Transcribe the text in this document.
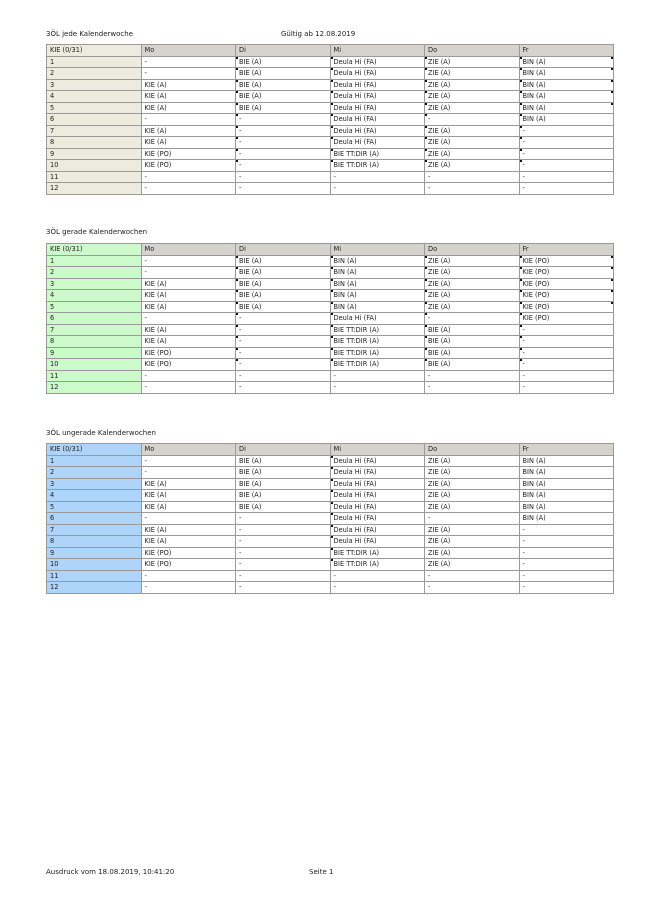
3ÖL jede Kalenderwoche	Gültig ab 12.08.2019
KIE (0/31)	Mo	Di	Mi	Do	Fr
1	-	BIE (A)	Deula Hi (FA)	ZIE (A)	BIN (A)
2	-	BIE (A)	Deula Hi (FA)	ZIE (A)	BIN (A)
3	KIE (A)	BIE (A)	Deula Hi (FA)	ZIE (A)	BIN (A)
4	KIE (A)	BIE (A)	Deula Hi (FA)	ZIE (A)	BIN (A)
5	KIE (A)	BIE (A)	Deula Hi (FA)	ZIE (A)	BIN (A)
6	-	-	Deula Hi (FA)	-	BIN (A)
7	KIE (A)	-	Deula Hi (FA)	ZIE (A)	-
8	KIE (A)	-	Deula Hi (FA)	ZIE (A)	-
9	KIE (PO)	-	BIE TT:DIR (A)	ZIE (A)	-
10	KIE (PO)	-	BIE TT:DIR (A)	ZIE (A)	-
11	-	-	-	-	-
12	-	-	-	-	-
3ÖL gerade Kalenderwochen
KIE (0/31)	Mo	Di	Mi	Do	Fr
1	-	BIE (A)	BIN (A)	ZIE (A)	KIE (PO)
2	-	BIE (A)	BIN (A)	ZIE (A)	KIE (PO)
3	KIE (A)	BIE (A)	BIN (A)	ZIE (A)	KIE (PO)
4	KIE (A)	BIE (A)	BIN (A)	ZIE (A)	KIE (PO)
5	KIE (A)	BIE (A)	BIN (A)	ZIE (A)	KIE (PO)
6	-	-	Deula Hi (FA)	-	KIE (PO)
7	KIE (A)	-	BIE TT:DIR (A)	BIE (A)	-
8	KIE (A)	-	BIE TT:DIR (A)	BIE (A)	-
9	KIE (PO)	-	BIE TT:DIR (A)	BIE (A)	-
10	KIE (PO)	-	BIE TT:DIR (A)	BIE (A)	-
11	-	-	-	-	-
12	-	-	-	-	-
3ÖL ungerade Kalenderwochen
KIE (0/31)	Mo	Di	Mi	Do	Fr
1	-	BIE (A)	Deula Hi (FA)	ZIE (A)	BIN (A)
2	-	BIE (A)	Deula Hi (FA)	ZIE (A)	BIN (A)
3	KIE (A)	BIE (A)	Deula Hi (FA)	ZIE (A)	BIN (A)
4	KIE (A)	BIE (A)	Deula Hi (FA)	ZIE (A)	BIN (A)
5	KIE (A)	BIE (A)	Deula Hi (FA)	ZIE (A)	BIN (A)
6	-	-	Deula Hi (FA)	-	BIN (A)
7	KIE (A)	-	Deula Hi (FA)	ZIE (A)	-
8	KIE (A)	-	Deula Hi (FA)	ZIE (A)	-
9	KIE (PO)	-	BIE TT:DIR (A)	ZIE (A)	-
10	KIE (PO)	-	BIE TT:DIR (A)	ZIE (A)	-
11	-	-	-	-	-
12	-	-	-	-	-
Ausdruck vom 18.08.2019, 10:41:20	Seite 1
